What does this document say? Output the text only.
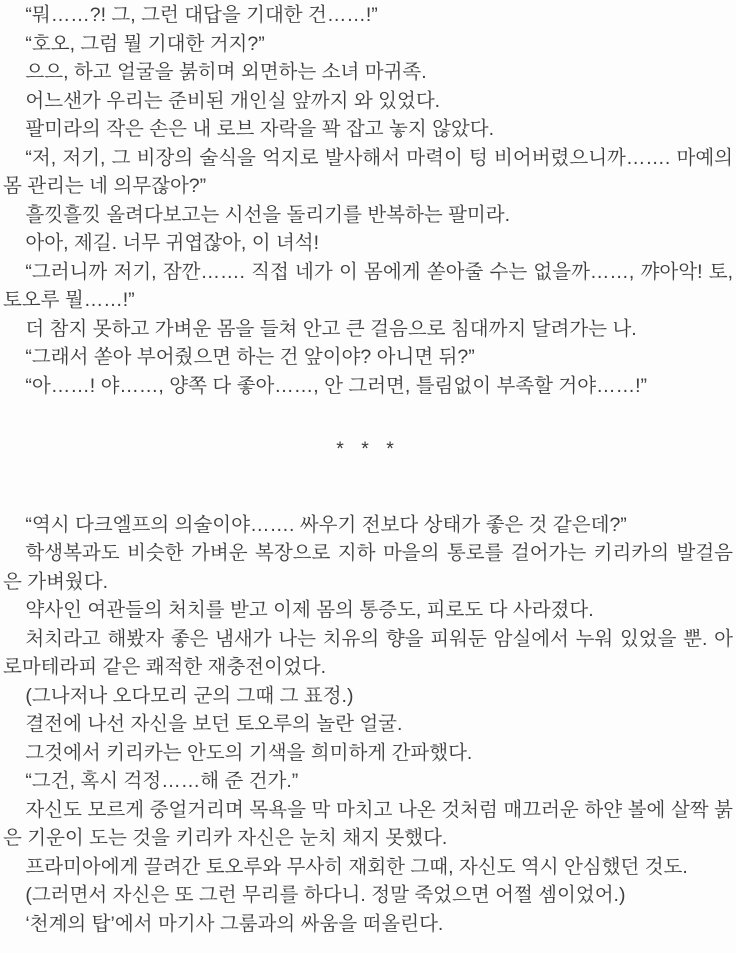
“뭐……?! 그, 그런 대답을 기대한 건……!”

“호오, 그럼 뭘 기대한 거지?”

으으, 하고 얼굴을 붉히며 외면하는 소녀 마귀족.

어느샌가 우리는 준비된 개인실 앞까지 와 있었다.

팔미라의 작은 손은 내 로브 자락을 꽉 잡고 놓지 않았다.

“저, 저기, 그 비장의 술식을 억지로 발사해서 마력이 텅 비어버렸으니까……. 마예의 몸 관리는 네 의무잖아?”

흘낏흘낏 올려다보고는 시선을 돌리기를 반복하는 팔미라.

아아, 제길. 너무 귀엽잖아, 이 녀석!

“그러니까 저기, 잠깐……. 직접 네가 이 몸에게 쏟아줄 수는 없을까……, 꺄아악! 토, 토오루 뭘……!”

더 참지 못하고 가벼운 몸을 들쳐 안고 큰 걸음으로 침대까지 달려가는 나.

“그래서 쏟아 부어줬으면 하는 건 앞이야? 아니면 뒤?”

“아……! 야……, 양쪽 다 좋아……, 안 그러면, 틀림없이 부족할 거야……!”

* * *

“역시 다크엘프의 의술이야……. 싸우기 전보다 상태가 좋은 것 같은데?”

학생복과도 비슷한 가벼운 복장으로 지하 마을의 통로를 걸어가는 키리카의 발걸음은 가벼웠다.

약사인 여관들의 처치를 받고 이제 몸의 통증도, 피로도 다 사라졌다.

처치라고 해봤자 좋은 냄새가 나는 치유의 향을 피워둔 암실에서 누워 있었을 뿐. 아로마테라피 같은 쾌적한 재충전이었다.

(그나저나 오다모리 군의 그때 그 표정.)

결전에 나선 자신을 보던 토오루의 놀란 얼굴.

그것에서 키리카는 안도의 기색을 희미하게 간파했다.

“그건, 혹시 걱정……해 준 건가.”

자신도 모르게 중얼거리며 목욕을 막 마치고 나온 것처럼 매끄러운 하얀 볼에 살짝 붉은 기운이 도는 것을 키리카 자신은 눈치 채지 못했다.

프라미아에게 끌려간 토오루와 무사히 재회한 그때, 자신도 역시 안심했던 것도.

(그러면서 자신은 또 그런 무리를 하다니. 정말 죽었으면 어쩔 셈이었어.)

‘천계의 탑’에서 마기사 그룸과의 싸움을 떠올린다.
